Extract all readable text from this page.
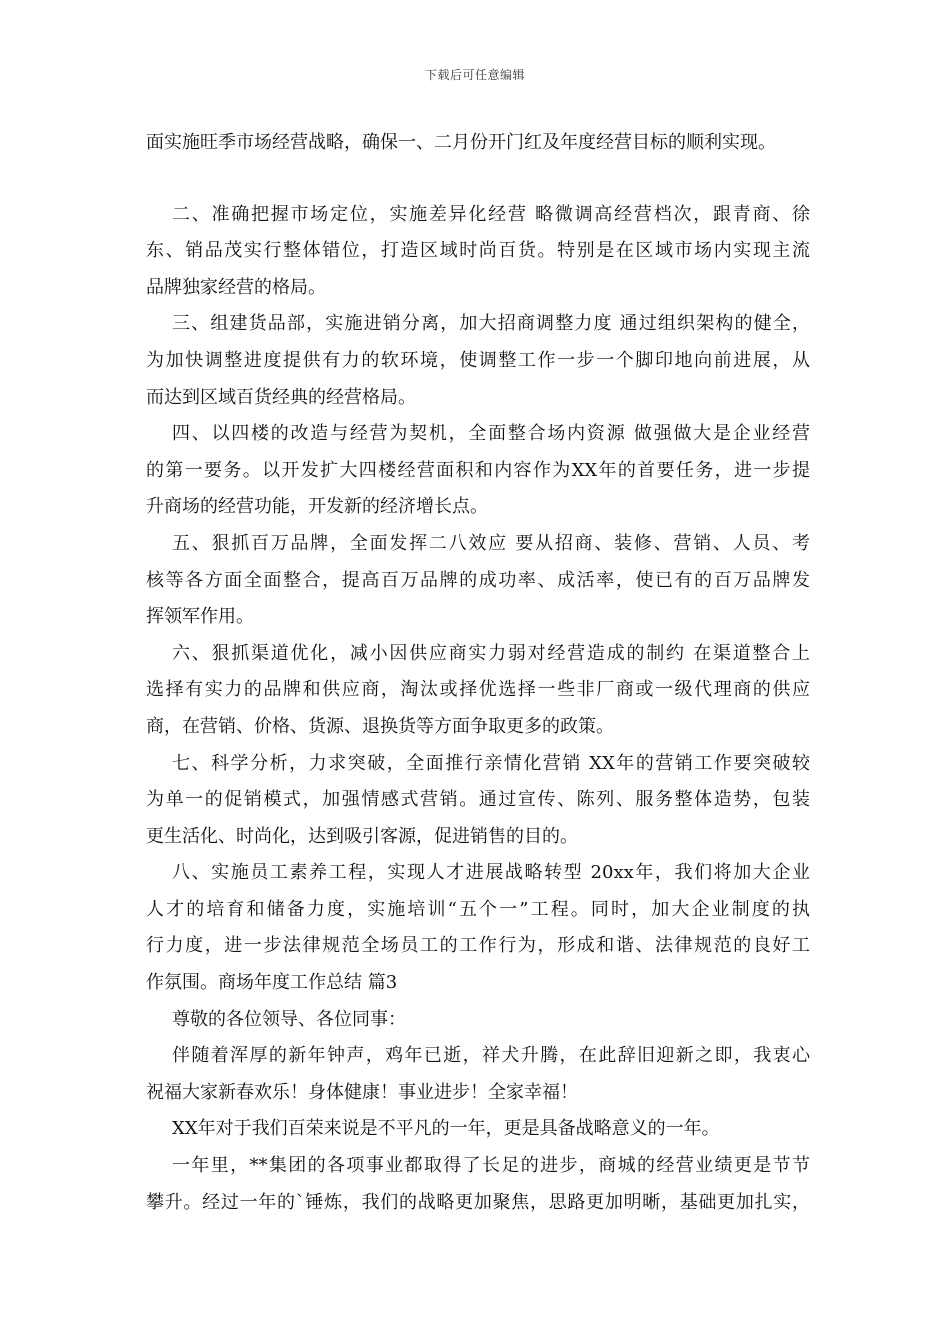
下载后可任意编辑
面实施旺季市场经营战略，确保一、二月份开门红及年度经营目标的顺利实现。
二、准确把握市场定位，实施差异化经营 略微调高经营档次，跟青商、徐
东、销品茂实行整体错位，打造区域时尚百货。特别是在区域市场内实现主流
品牌独家经营的格局。
三、组建货品部，实施进销分离，加大招商调整力度 通过组织架构的健全，
为加快调整进度提供有力的软环境，使调整工作一步一个脚印地向前进展，从
而达到区域百货经典的经营格局。
四、以四楼的改造与经营为契机，全面整合场内资源 做强做大是企业经营
的第一要务。以开发扩大四楼经营面积和内容作为XX年的首要任务，进一步提
升商场的经营功能，开发新的经济增长点。
五、狠抓百万品牌，全面发挥二八效应 要从招商、装修、营销、人员、考
核等各方面全面整合，提高百万品牌的成功率、成活率，使已有的百万品牌发
挥领军作用。
六、狠抓渠道优化，减小因供应商实力弱对经营造成的制约 在渠道整合上
选择有实力的品牌和供应商，淘汰或择优选择一些非厂商或一级代理商的供应
商，在营销、价格、货源、退换货等方面争取更多的政策。
七、科学分析，力求突破，全面推行亲情化营销 XX年的营销工作要突破较
为单一的促销模式，加强情感式营销。通过宣传、陈列、服务整体造势，包装
更生活化、时尚化，达到吸引客源，促进销售的目的。
八、实施员工素养工程，实现人才进展战略转型 20xx年，我们将加大企业
人才的培育和储备力度，实施培训“五个一”工程。同时，加大企业制度的执
行力度，进一步法律规范全场员工的工作行为，形成和谐、法律规范的良好工
作氛围。商场年度工作总结 篇3
尊敬的各位领导、各位同事：
伴随着浑厚的新年钟声，鸡年已逝，祥犬升腾，在此辞旧迎新之即，我衷心
祝福大家新春欢乐！身体健康！事业进步！全家幸福！
XX年对于我们百荣来说是不平凡的一年，更是具备战略意义的一年。
一年里，**集团的各项事业都取得了长足的进步，商城的经营业绩更是节节
攀升。经过一年的`锤炼，我们的战略更加聚焦，思路更加明晰，基础更加扎实，
